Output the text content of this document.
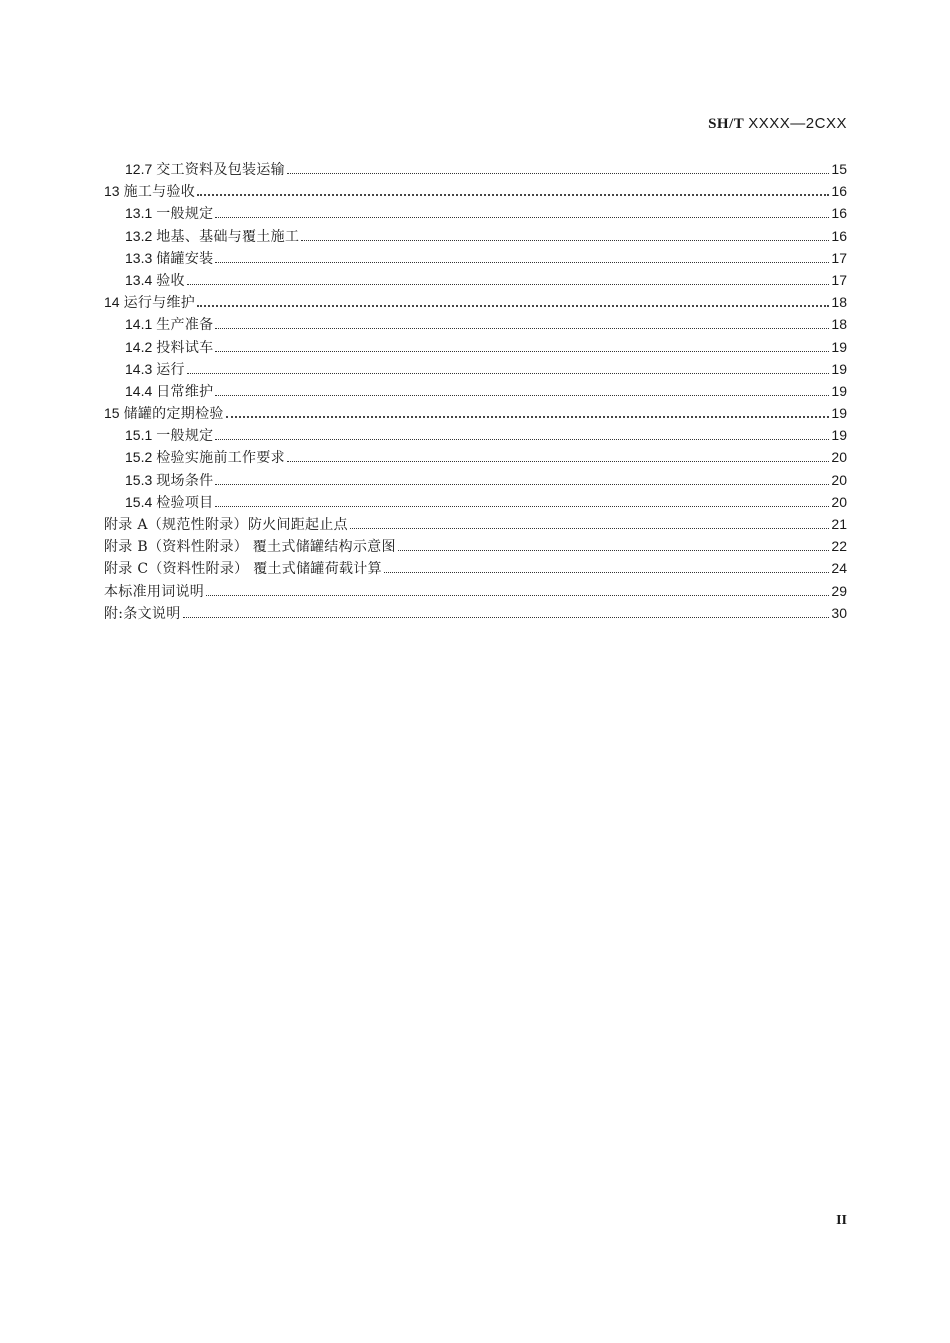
SH/T XXXX—2CXX
12.7 交工资料及包装运输	15
13 施工与验收	16
13.1 一般规定	16
13.2 地基、基础与覆土施工	16
13.3 储罐安装	17
13.4 验收	17
14 运行与维护	18
14.1 生产准备	18
14.2 投料试车	19
14.3 运行	19
14.4 日常维护	19
15 储罐的定期检验	19
15.1 一般规定	19
15.2 检验实施前工作要求	20
15.3 现场条件	20
15.4 检验项目	20
附录 A（规范性附录）防火间距起止点	21
附录 B（资料性附录） 覆土式储罐结构示意图	22
附录 C（资料性附录） 覆土式储罐荷载计算	24
本标准用词说明	29
附:条文说明	30
II
